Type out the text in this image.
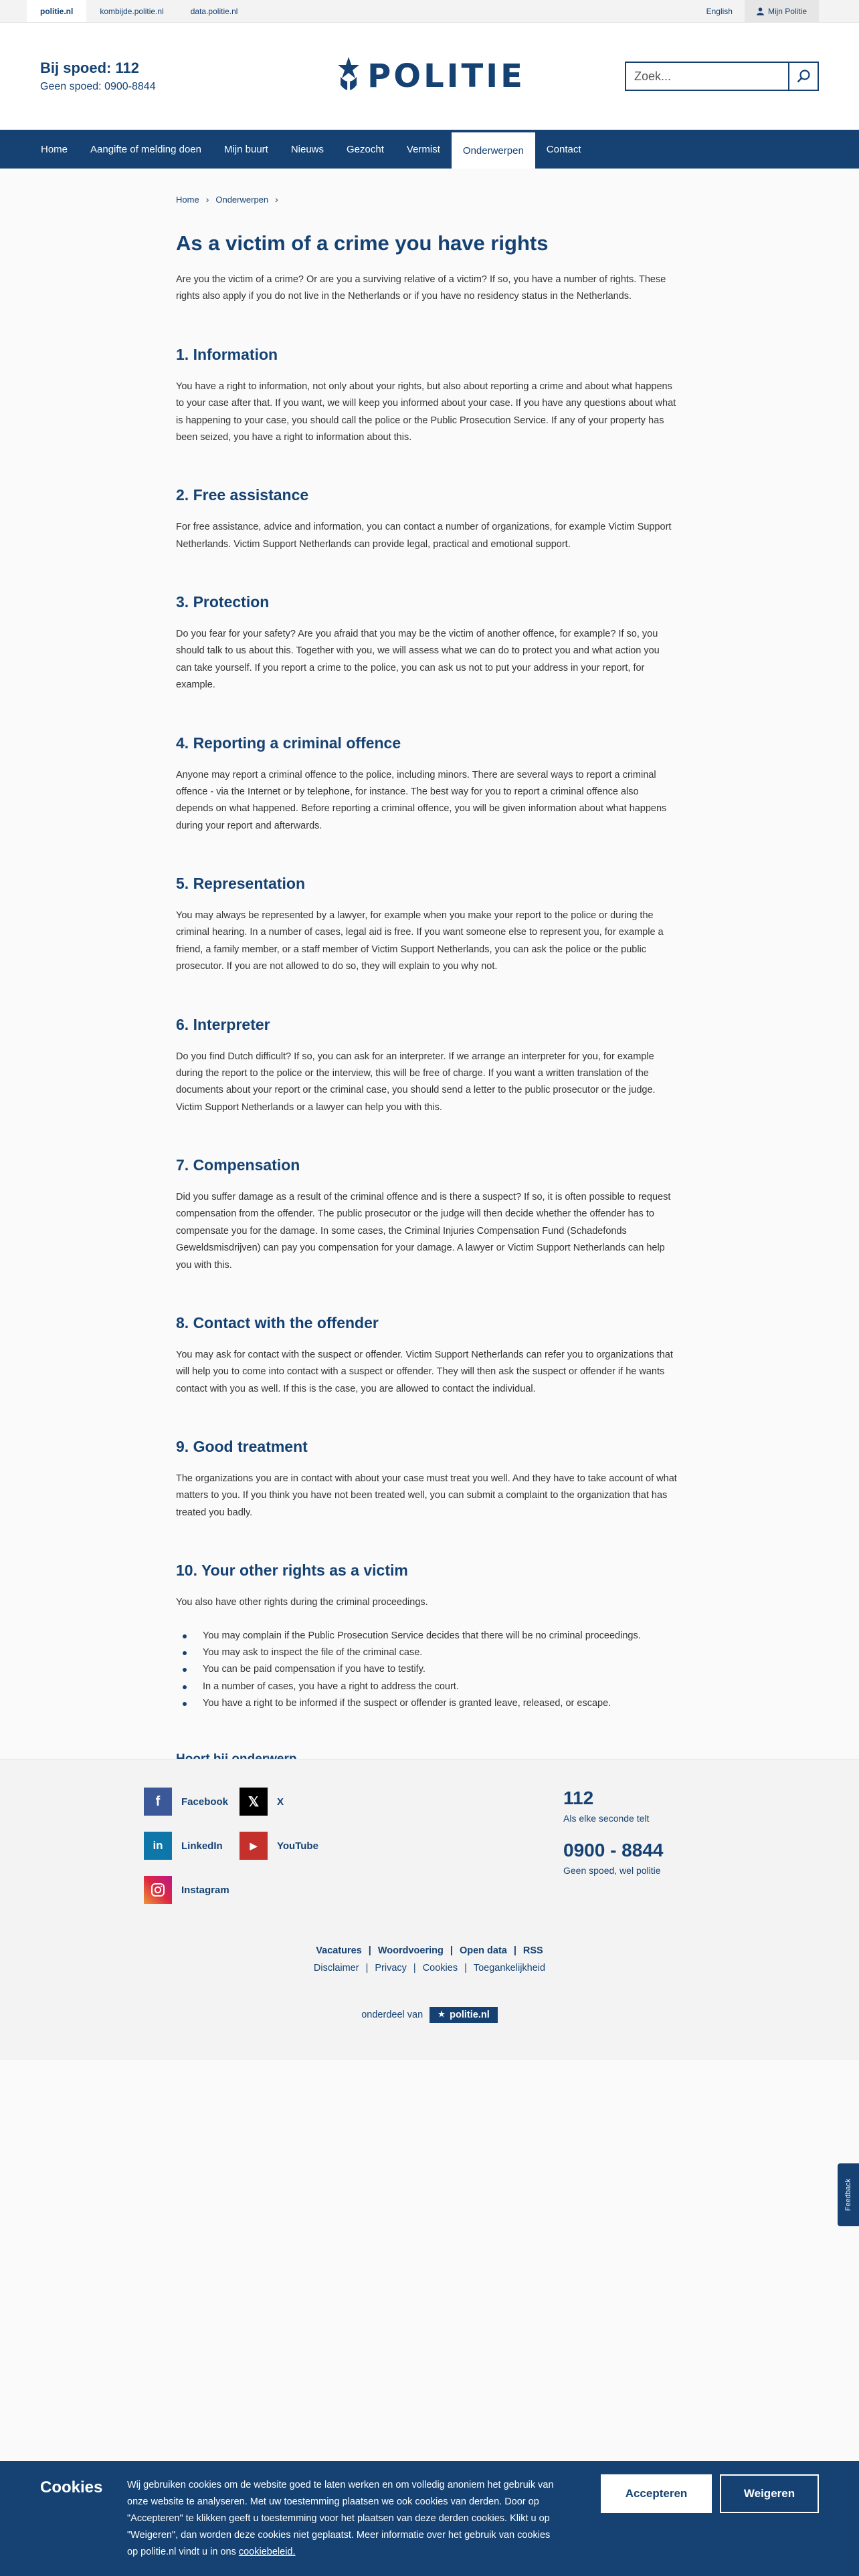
politie.nl	kombijde.politie.nl	data.politie.nl	English	Mijn Politie
Bij spoed: 112
Geen spoed: 0900-8844	POLITIE
Zoek...
Home	Aangifte of melding doen	Mijn buurt	Nieuws	Gezocht	Vermist	Onderwerpen	Contact
Home › Onderwerpen ›
As a victim of a crime you have rights

Are you the victim of a crime? Or are you a surviving relative of a victim? If so, you have a number of rights. These rights also apply if you do not live in the Netherlands or if you have no residency status in the Netherlands.

1. Information

You have a right to information, not only about your rights, but also about reporting a crime and about what happens to your case after that. If you want, we will keep you informed about your case. If you have any questions about what is happening to your case, you should call the police or the Public Prosecution Service. If any of your property has been seized, you have a right to information about this.

2. Free assistance

For free assistance, advice and information, you can contact a number of organizations, for example Victim Support Netherlands. Victim Support Netherlands can provide legal, practical and emotional support.

3. Protection

Do you fear for your safety? Are you afraid that you may be the victim of another offence, for example? If so, you should talk to us about this. Together with you, we will assess what we can do to protect you and what action you can take yourself. If you report a crime to the police, you can ask us not to put your address in your report, for example.

4. Reporting a criminal offence

Anyone may report a criminal offence to the police, including minors. There are several ways to report a criminal offence - via the Internet or by telephone, for instance. The best way for you to report a criminal offence also depends on what happened. Before reporting a criminal offence, you will be given information about what happens during your report and afterwards.

5. Representation

You may always be represented by a lawyer, for example when you make your report to the police or during the criminal hearing. In a number of cases, legal aid is free. If you want someone else to represent you, for example a friend, a family member, or a staff member of Victim Support Netherlands, you can ask the police or the public prosecutor. If you are not allowed to do so, they will explain to you why not.

6. Interpreter

Do you find Dutch difficult? If so, you can ask for an interpreter. If we arrange an interpreter for you, for example during the report to the police or the interview, this will be free of charge. If you want a written translation of the documents about your report or the criminal case, you should send a letter to the public prosecutor or the judge. Victim Support Netherlands or a lawyer can help you with this.

7. Compensation

Did you suffer damage as a result of the criminal offence and is there a suspect? If so, it is often possible to request compensation from the offender. The public prosecutor or the judge will then decide whether the offender has to compensate you for the damage. In some cases, the Criminal Injuries Compensation Fund (Schadefonds Geweldsmisdrijven) can pay you compensation for your damage. A lawyer or Victim Support Netherlands can help you with this.

8. Contact with the offender

You may ask for contact with the suspect or offender. Victim Support Netherlands can refer you to organizations that will help you to come into contact with a suspect or offender. They will then ask the suspect or offender if he wants contact with you as well. If this is the case, you are allowed to contact the individual.

9. Good treatment

The organizations you are in contact with about your case must treat you well. And they have to take account of what matters to you. If you think you have not been treated well, you can submit a complaint to the organization that has treated you badly.

10. Your other rights as a victim

You also have other rights during the criminal proceedings.

You may complain if the Public Prosecution Service decides that there will be no criminal proceedings.
You may ask to inspect the file of the criminal case.
You can be paid compensation if you have to testify.
In a number of cases, you have a right to address the court.
You have a right to be informed if the suspect or offender is granted leave, released, or escape.
f	Facebook	𝕏	X
in	LinkedIn	▶	YouTube
Instagram
112
Als elke seconde telt
0900 - 8844
Geen spoed, wel politie
Vacatures | Woordvoering | Open data | RSS
Disclaimer | Privacy | Cookies | Toegankelijkheid
onderdeel van	politie.nl
Feedback
Cookies	Wij gebruiken cookies om de website goed te laten werken en om volledig anoniem het gebruik van onze website te analyseren. Met uw toestemming plaatsen we ook cookies van derden. Door op "Accepteren" te klikken geeft u toestemming voor het plaatsen van deze derden cookies. Klikt u op "Weigeren", dan worden deze cookies niet geplaatst. Meer informatie over het gebruik van cookies op politie.nl vindt u in ons cookiebeleid.
Accepteren	Weigeren
